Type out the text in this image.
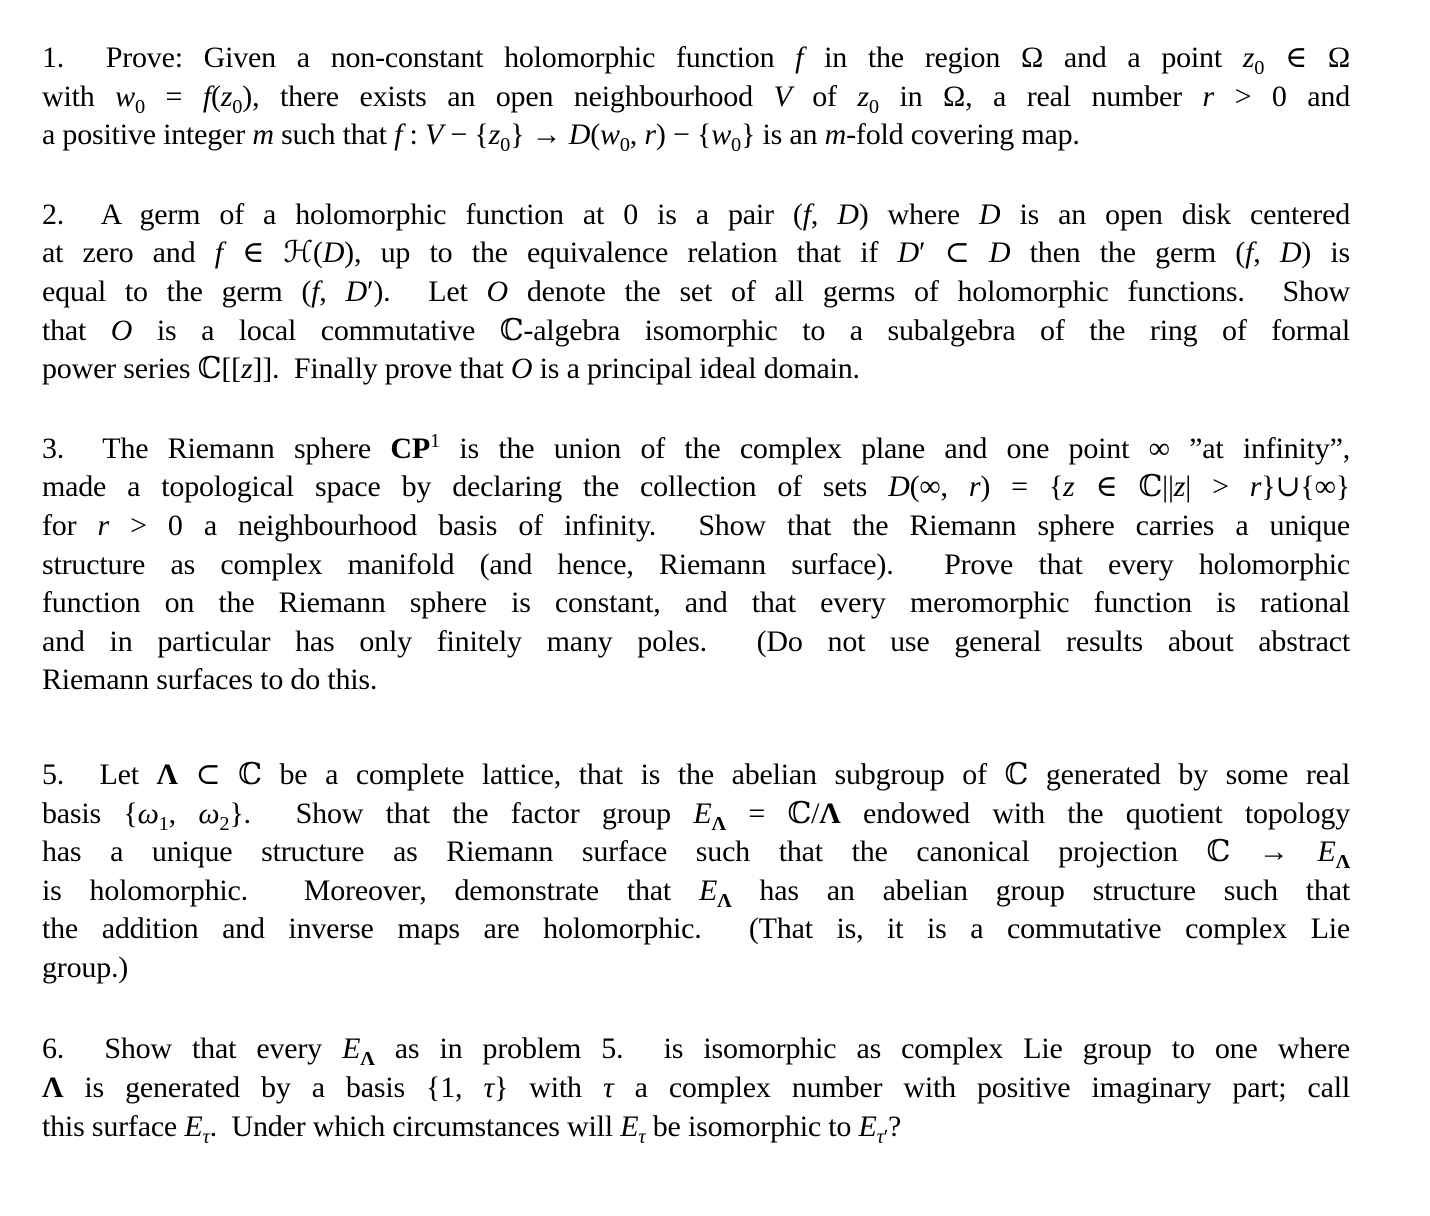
1.  Prove: Given a non-constant holomorphic function f in the region Ω and a point $z_0$ ∈ Ω
with $w_0 = f(z_0)$, there exists an open neighbourhood V of $z_0$ in Ω, a real number r > 0 and
a positive integer m such that f : $V - \{z_0\} \to D(w_0$, $r) - \{w_0\}$ is an m-fold covering map.
2.  A germ of a holomorphic function at 0 is a pair (f, D) where D is an open disk centered
at zero and f ∈ ℋ(D), up to the equivalence relation that if D′ ⊂ D then the germ (f, D) is
equal to the germ (f, D′).  Let O denote the set of all germs of holomorphic functions.  Show
that O is a local commutative ℂ-algebra isomorphic to a subalgebra of the ring of formal
power series ℂ[[z]].  Finally prove that O is a principal ideal domain.
3.  The Riemann sphere $CP^1$ is the union of the complex plane and one point ∞ ”at infinity”,
made a topological space by declaring the collection of sets D(∞, r) = {z ∈ ℂ||z| > r}∪{∞}
for r > 0 a neighbourhood basis of infinity.  Show that the Riemann sphere carries a unique
structure as complex manifold (and hence, Riemann surface).  Prove that every holomorphic
function on the Riemann sphere is constant, and that every meromorphic function is rational
and in particular has only finitely many poles.  (Do not use general results about abstract
Riemann surfaces to do this.
5.  Let Λ ⊂ ℂ be a complete lattice, that is the abelian subgroup of ℂ generated by some real
basis {$\omega_1$, $\omega_2$}.  Show that the factor group $E_\Lambda$ = ℂ/Λ endowed with the quotient topology
has a unique structure as Riemann surface such that the canonical projection ℂ → $E_\Lambda$
is holomorphic.  Moreover, demonstrate that $E_\Lambda$ has an abelian group structure such that
the addition and inverse maps are holomorphic.  (That is, it is a commutative complex Lie
group.)
6.  Show that every $E_\Lambda$ as in problem 5.  is isomorphic as complex Lie group to one where
Λ is generated by a basis {1, τ} with τ a complex number with positive imaginary part; call
this surface $E_\tau$.  Under which circumstances will $E_\tau$ be isomorphic to $E_{\tau'}$?
